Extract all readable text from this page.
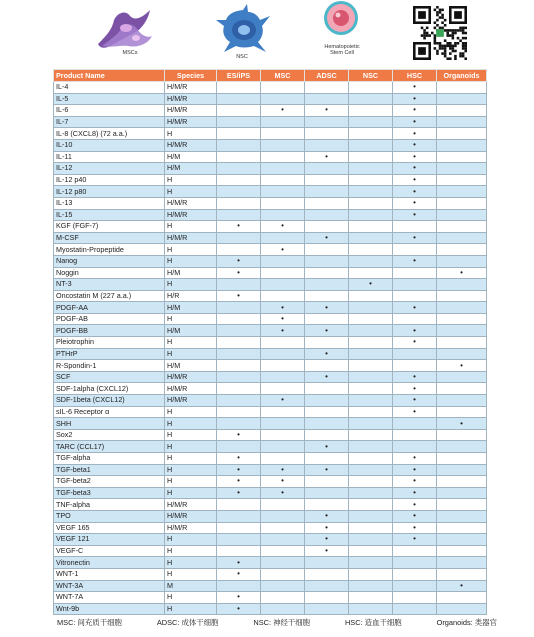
MSCs
NSC
Hematopoietic
Stem Cell
Product Name	Species	ES/iPS	MSC	ADSC	NSC	HSC	Organoids
IL-4	H/M/R					•	
IL-5	H/M/R					•	
IL-6	H/M/R		•	•		•	
IL-7	H/M/R					•	
IL-8 (CXCL8) (72 a.a.)	H					•	
IL-10	H/M/R					•	
IL-11	H/M			•		•	
IL-12	H/M					•	
IL-12 p40	H					•	
IL-12 p80	H					•	
IL-13	H/M/R					•	
IL-15	H/M/R					•	
KGF (FGF-7)	H	•	•				
M-CSF	H/M/R			•		•	
Myostatin-Propeptide	H		•				
Nanog	H	•				•	
Noggin	H/M	•					•
NT-3	H				•		
Oncostatin M (227 a.a.)	H/R	•					
PDGF-AA	H/M		•	•		•	
PDGF-AB	H		•				
PDGF-BB	H/M		•	•		•	
Pleiotrophin	H					•	
PTHrP	H			•			
R-Spondin-1	H/M						•
SCF	H/M/R			•		•	
SDF-1alpha (CXCL12)	H/M/R					•	
SDF-1beta (CXCL12)	H/M/R		•			•	
sIL-6 Receptor α	H					•	
SHH	H						•
Sox2	H	•					
TARC (CCL17)	H			•			
TGF-alpha	H	•				•	
TGF-beta1	H	•	•	•		•	
TGF-beta2	H	•	•			•	
TGF-beta3	H	•	•			•	
TNF-alpha	H/M/R					•	
TPO	H/M/R			•		•	
VEGF 165	H/M/R			•		•	
VEGF 121	H			•		•	
VEGF-C	H			•			
Vitronectin	H	•					
WNT-1	H	•					
WNT-3A	M						•
WNT-7A	H	•					
Wnt-9b	H	•					
MSC: 间充质干细胞	ADSC: 成体干细胞	NSC: 神经干细胞	HSC: 造血干细胞	Organoids: 类器官
